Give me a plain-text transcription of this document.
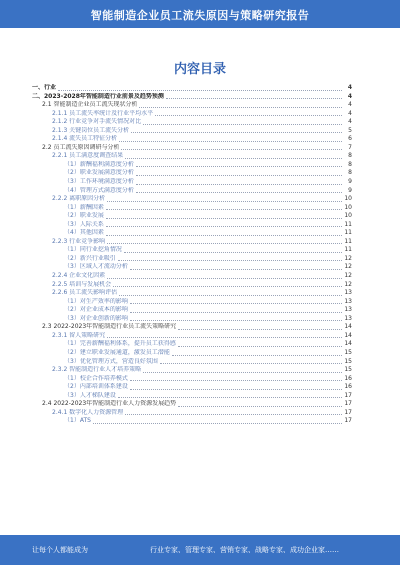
智能制造企业员工流失原因与策略研究报告
内容目录
一、行业	4
二、2023-2028年智能制造行业前景及趋势预测	4
2.1 智能制造企业员工流失现状分析	4
2.1.1 员工流失率统计及行业平均水平	4
2.1.2 行业竞争对手流失情况对比	4
2.1.3 关键岗位员工流失分析	5
2.1.4 流失员工特征分析	6
2.2 员工流失原因调研与分析	7
2.2.1 员工满意度调查结果	8
（1）薪酬福利满意度分析	8
（2）职业发展满意度分析	8
（3）工作环境满意度分析	9
（4）管理方式满意度分析	9
2.2.2 离职原因分析	10
（1）薪酬因素	10
（2）职业发展	10
（3）人际关系	11
（4）其他因素	11
2.2.3 行业竞争影响	11
（1）同行业挖角情况	11
（2）新兴行业吸引	12
（3）区域人才流动分析	12
2.2.4 企业文化因素	12
2.2.5 培训与发展机会	12
2.2.6 员工流失影响评估	13
（1）对生产效率的影响	13
（2）对企业成本的影响	13
（3）对企业创新的影响	13
2.3 2022-2023年智能制造行业员工流失策略研究	14
2.3.1 留人策略研究	14
（1）完善薪酬福利体系，提升员工获得感	14
（2）建立职业发展通道，激发员工潜能	15
（3）优化管理方式，营造良好氛围	15
2.3.2 智能制造行业人才培养策略	15
（1）校企合作培养模式	16
（2）内部培训体系建设	16
（3）人才梯队建设	17
2.4 2022-2023年智能制造行业人力资源发展趋势	17
2.4.1 数字化人力资源管理	17
（1）ATS	17
让每个人都能成为	行业专家、管理专家、营销专家、战略专家、成功企业家……
